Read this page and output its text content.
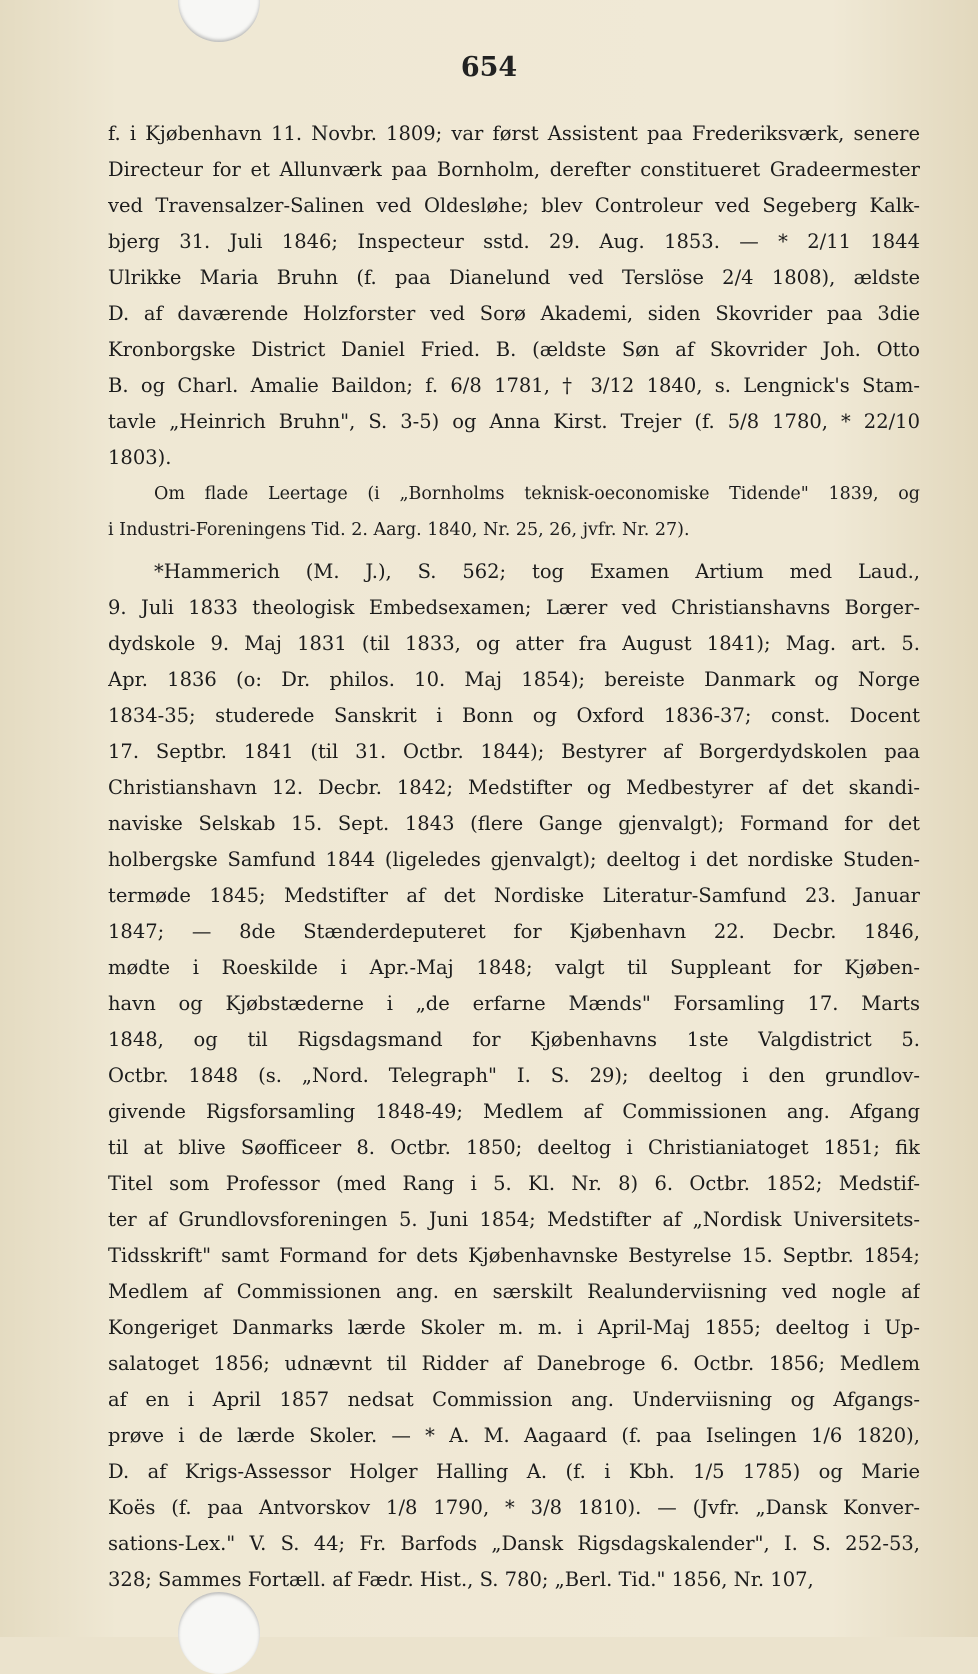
654
f. i Kjøbenhavn 11. Novbr. 1809; var først Assistent paa Frederiksværk, senere
Directeur for et Allunværk paa Bornholm, derefter constitueret Gradeermester
ved Travensalzer-Salinen ved Oldesløhe; blev Controleur ved Segeberg Kalk-
bjerg 31. Juli 1846; Inspecteur sstd. 29. Aug. 1853. — * 2/11 1844
Ulrikke Maria Bruhn (f. paa Dianelund ved Terslöse 2/4 1808), ældste
D. af daværende Holzforster ved Sorø Akademi, siden Skovrider paa 3die
Kronborgske District Daniel Fried. B. (ældste Søn af Skovrider Joh. Otto
B. og Charl. Amalie Baildon; f. 6/8 1781, † 3/12 1840, s. Lengnick's Stam-
tavle „Heinrich Bruhn", S. 3-5) og Anna Kirst. Trejer (f. 5/8 1780, * 22/10
1803).
Om flade Leertage (i „Bornholms teknisk-oeconomiske Tidende" 1839, og
i Industri-Foreningens Tid. 2. Aarg. 1840, Nr. 25, 26, jvfr. Nr. 27).
*Hammerich (M. J.), S. 562; tog Examen Artium med Laud.,
9. Juli 1833 theologisk Embedsexamen; Lærer ved Christianshavns Borger-
dydskole 9. Maj 1831 (til 1833, og atter fra August 1841); Mag. art. 5.
Apr. 1836 (o: Dr. philos. 10. Maj 1854); bereiste Danmark og Norge
1834-35; studerede Sanskrit i Bonn og Oxford 1836-37; const. Docent
17. Septbr. 1841 (til 31. Octbr. 1844); Bestyrer af Borgerdydskolen paa
Christianshavn 12. Decbr. 1842; Medstifter og Medbestyrer af det skandi-
naviske Selskab 15. Sept. 1843 (flere Gange gjenvalgt); Formand for det
holbergske Samfund 1844 (ligeledes gjenvalgt); deeltog i det nordiske Studen-
termøde 1845; Medstifter af det Nordiske Literatur-Samfund 23. Januar
1847; — 8de Stænderdeputeret for Kjøbenhavn 22. Decbr. 1846,
mødte i Roeskilde i Apr.-Maj 1848; valgt til Suppleant for Kjøben-
havn og Kjøbstæderne i „de erfarne Mænds" Forsamling 17. Marts
1848, og til Rigsdagsmand for Kjøbenhavns 1ste Valgdistrict 5.
Octbr. 1848 (s. „Nord. Telegraph" I. S. 29); deeltog i den grundlov-
givende Rigsforsamling 1848-49; Medlem af Commissionen ang. Afgang
til at blive Søofficeer 8. Octbr. 1850; deeltog i Christianiatoget 1851; fik
Titel som Professor (med Rang i 5. Kl. Nr. 8) 6. Octbr. 1852; Medstif-
ter af Grundlovsforeningen 5. Juni 1854; Medstifter af „Nordisk Universitets-
Tidsskrift" samt Formand for dets Kjøbenhavnske Bestyrelse 15. Septbr. 1854;
Medlem af Commissionen ang. en særskilt Realunderviisning ved nogle af
Kongeriget Danmarks lærde Skoler m. m. i April-Maj 1855; deeltog i Up-
salatoget 1856; udnævnt til Ridder af Danebroge 6. Octbr. 1856; Medlem
af en i April 1857 nedsat Commission ang. Underviisning og Afgangs-
prøve i de lærde Skoler. — * A. M. Aagaard (f. paa Iselingen 1/6 1820),
D. af Krigs-Assessor Holger Halling A. (f. i Kbh. 1/5 1785) og Marie
Koës (f. paa Antvorskov 1/8 1790, * 3/8 1810). — (Jvfr. „Dansk Konver-
sations-Lex." V. S. 44; Fr. Barfods „Dansk Rigsdagskalender", I. S. 252-53,
328; Sammes Fortæll. af Fædr. Hist., S. 780; „Berl. Tid." 1856, Nr. 107,
